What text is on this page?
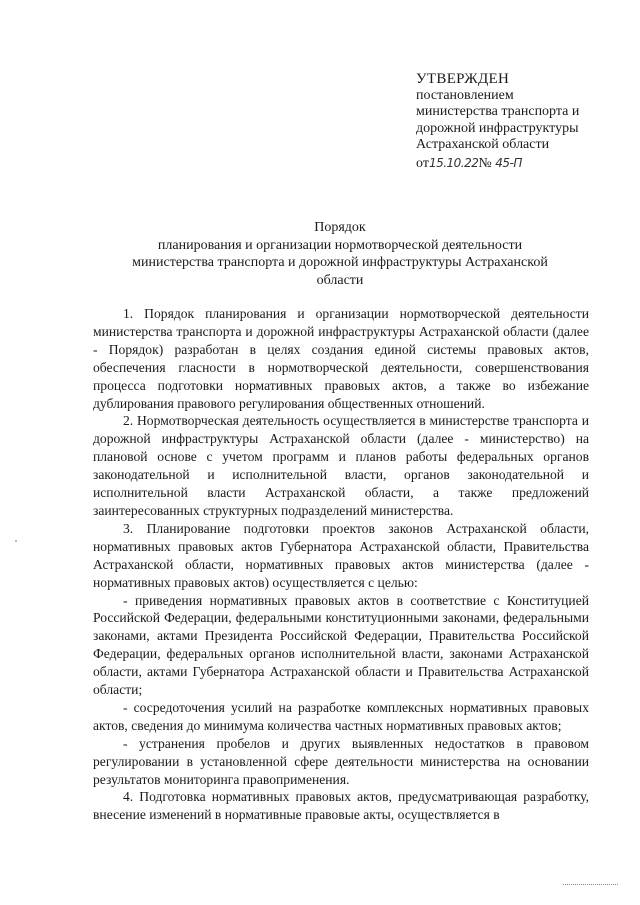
УТВЕРЖДЕН
постановлением
министерства транспорта и
дорожной инфраструктуры
Астраханской области
от15.10.22№ 45-П
Порядок
планирования и организации нормотворческой деятельности
министерства транспорта и дорожной инфраструктуры Астраханской
области

1. Порядок планирования и организации нормотворческой деятельности министерства транспорта и дорожной инфраструктуры Астраханской области (далее - Порядок) разработан в целях создания единой системы правовых актов, обеспечения гласности в нормотворческой деятельности, совершенствования процесса подготовки нормативных правовых актов, а также во избежание дублирования правового регулирования общественных отношений.

2. Нормотворческая деятельность осуществляется в министерстве транспорта и дорожной инфраструктуры Астраханской области (далее - министерство) на плановой основе с учетом программ и планов работы федеральных органов законодательной и исполнительной власти, органов законодательной и исполнительной власти Астраханской области, а также предложений заинтересованных структурных подразделений министерства.

3. Планирование подготовки проектов законов Астраханской области, нормативных правовых актов Губернатора Астраханской области, Правительства Астраханской области, нормативных правовых актов министерства (далее - нормативных правовых актов) осуществляется с целью:

- приведения нормативных правовых актов в соответствие с Конституцией Российской Федерации, федеральными конституционными законами, федеральными законами, актами Президента Российской Федерации, Правительства Российской Федерации, федеральных органов исполнительной власти, законами Астраханской области, актами Губернатора Астраханской области и Правительства Астраханской области;

- сосредоточения усилий на разработке комплексных нормативных правовых актов, сведения до минимума количества частных нормативных правовых актов;

- устранения пробелов и других выявленных недостатков в правовом регулировании в установленной сфере деятельности министерства на основании результатов мониторинга правоприменения.

4. Подготовка нормативных правовых актов, предусматривающая разработку, внесение изменений в нормативные правовые акты, осуществляется в
